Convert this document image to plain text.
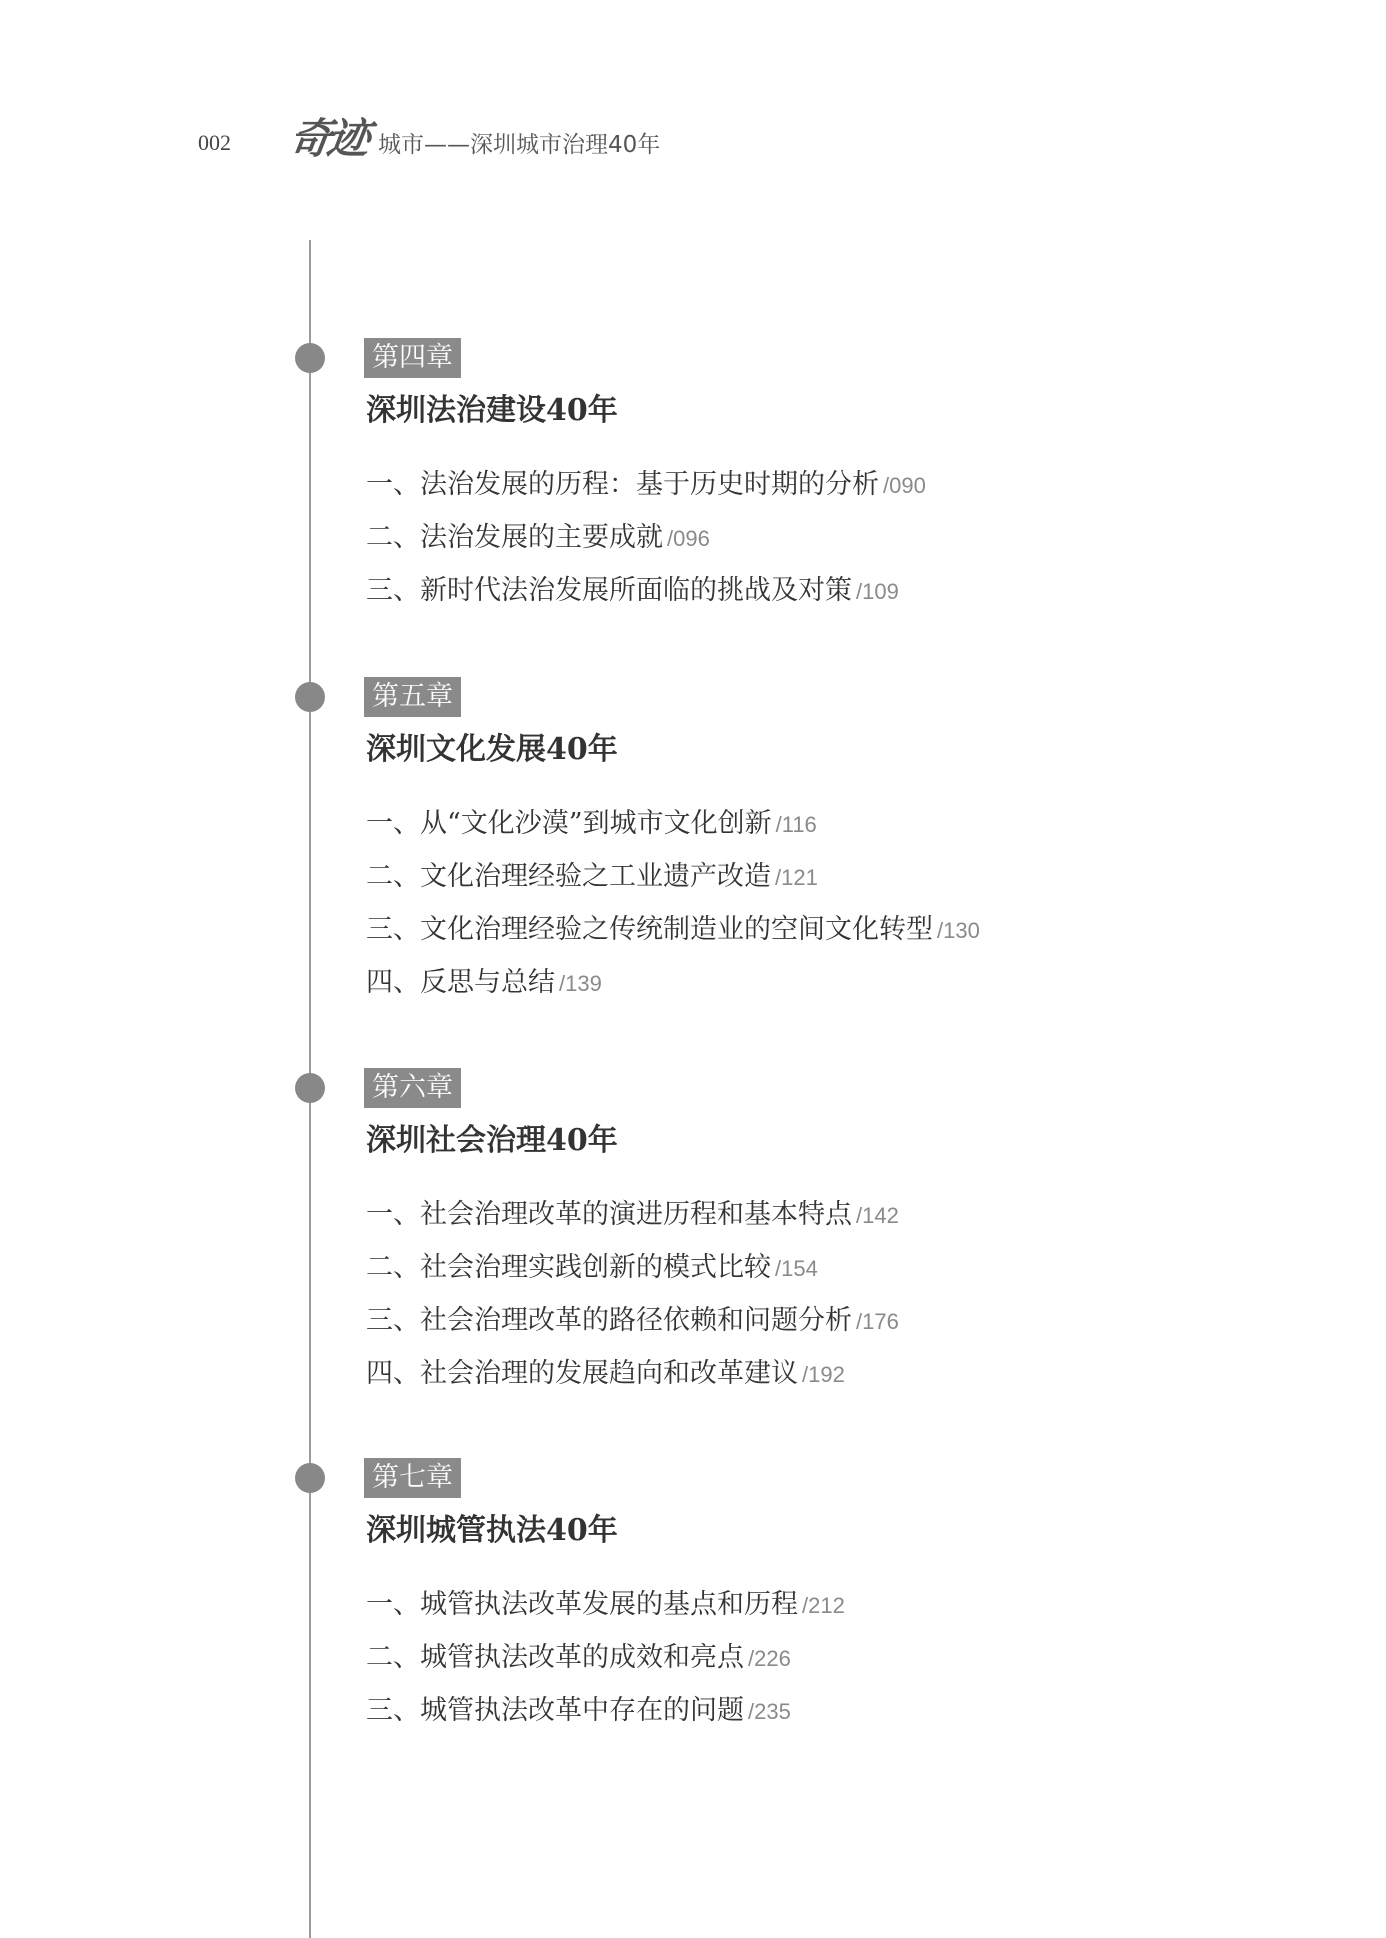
002 奇迹 城市——深圳城市治理40年
第四章
深圳法治建设40年
一、法治发展的历程：基于历史时期的分析 /090
二、法治发展的主要成就 /096
三、新时代法治发展所面临的挑战及对策 /109
第五章
深圳文化发展40年
一、从“文化沙漠”到城市文化创新 /116
二、文化治理经验之工业遗产改造 /121
三、文化治理经验之传统制造业的空间文化转型 /130
四、反思与总结 /139
第六章
深圳社会治理40年
一、社会治理改革的演进历程和基本特点 /142
二、社会治理实践创新的模式比较 /154
三、社会治理改革的路径依赖和问题分析 /176
四、社会治理的发展趋向和改革建议 /192
第七章
深圳城管执法40年
一、城管执法改革发展的基点和历程 /212
二、城管执法改革的成效和亮点 /226
三、城管执法改革中存在的问题 /235
